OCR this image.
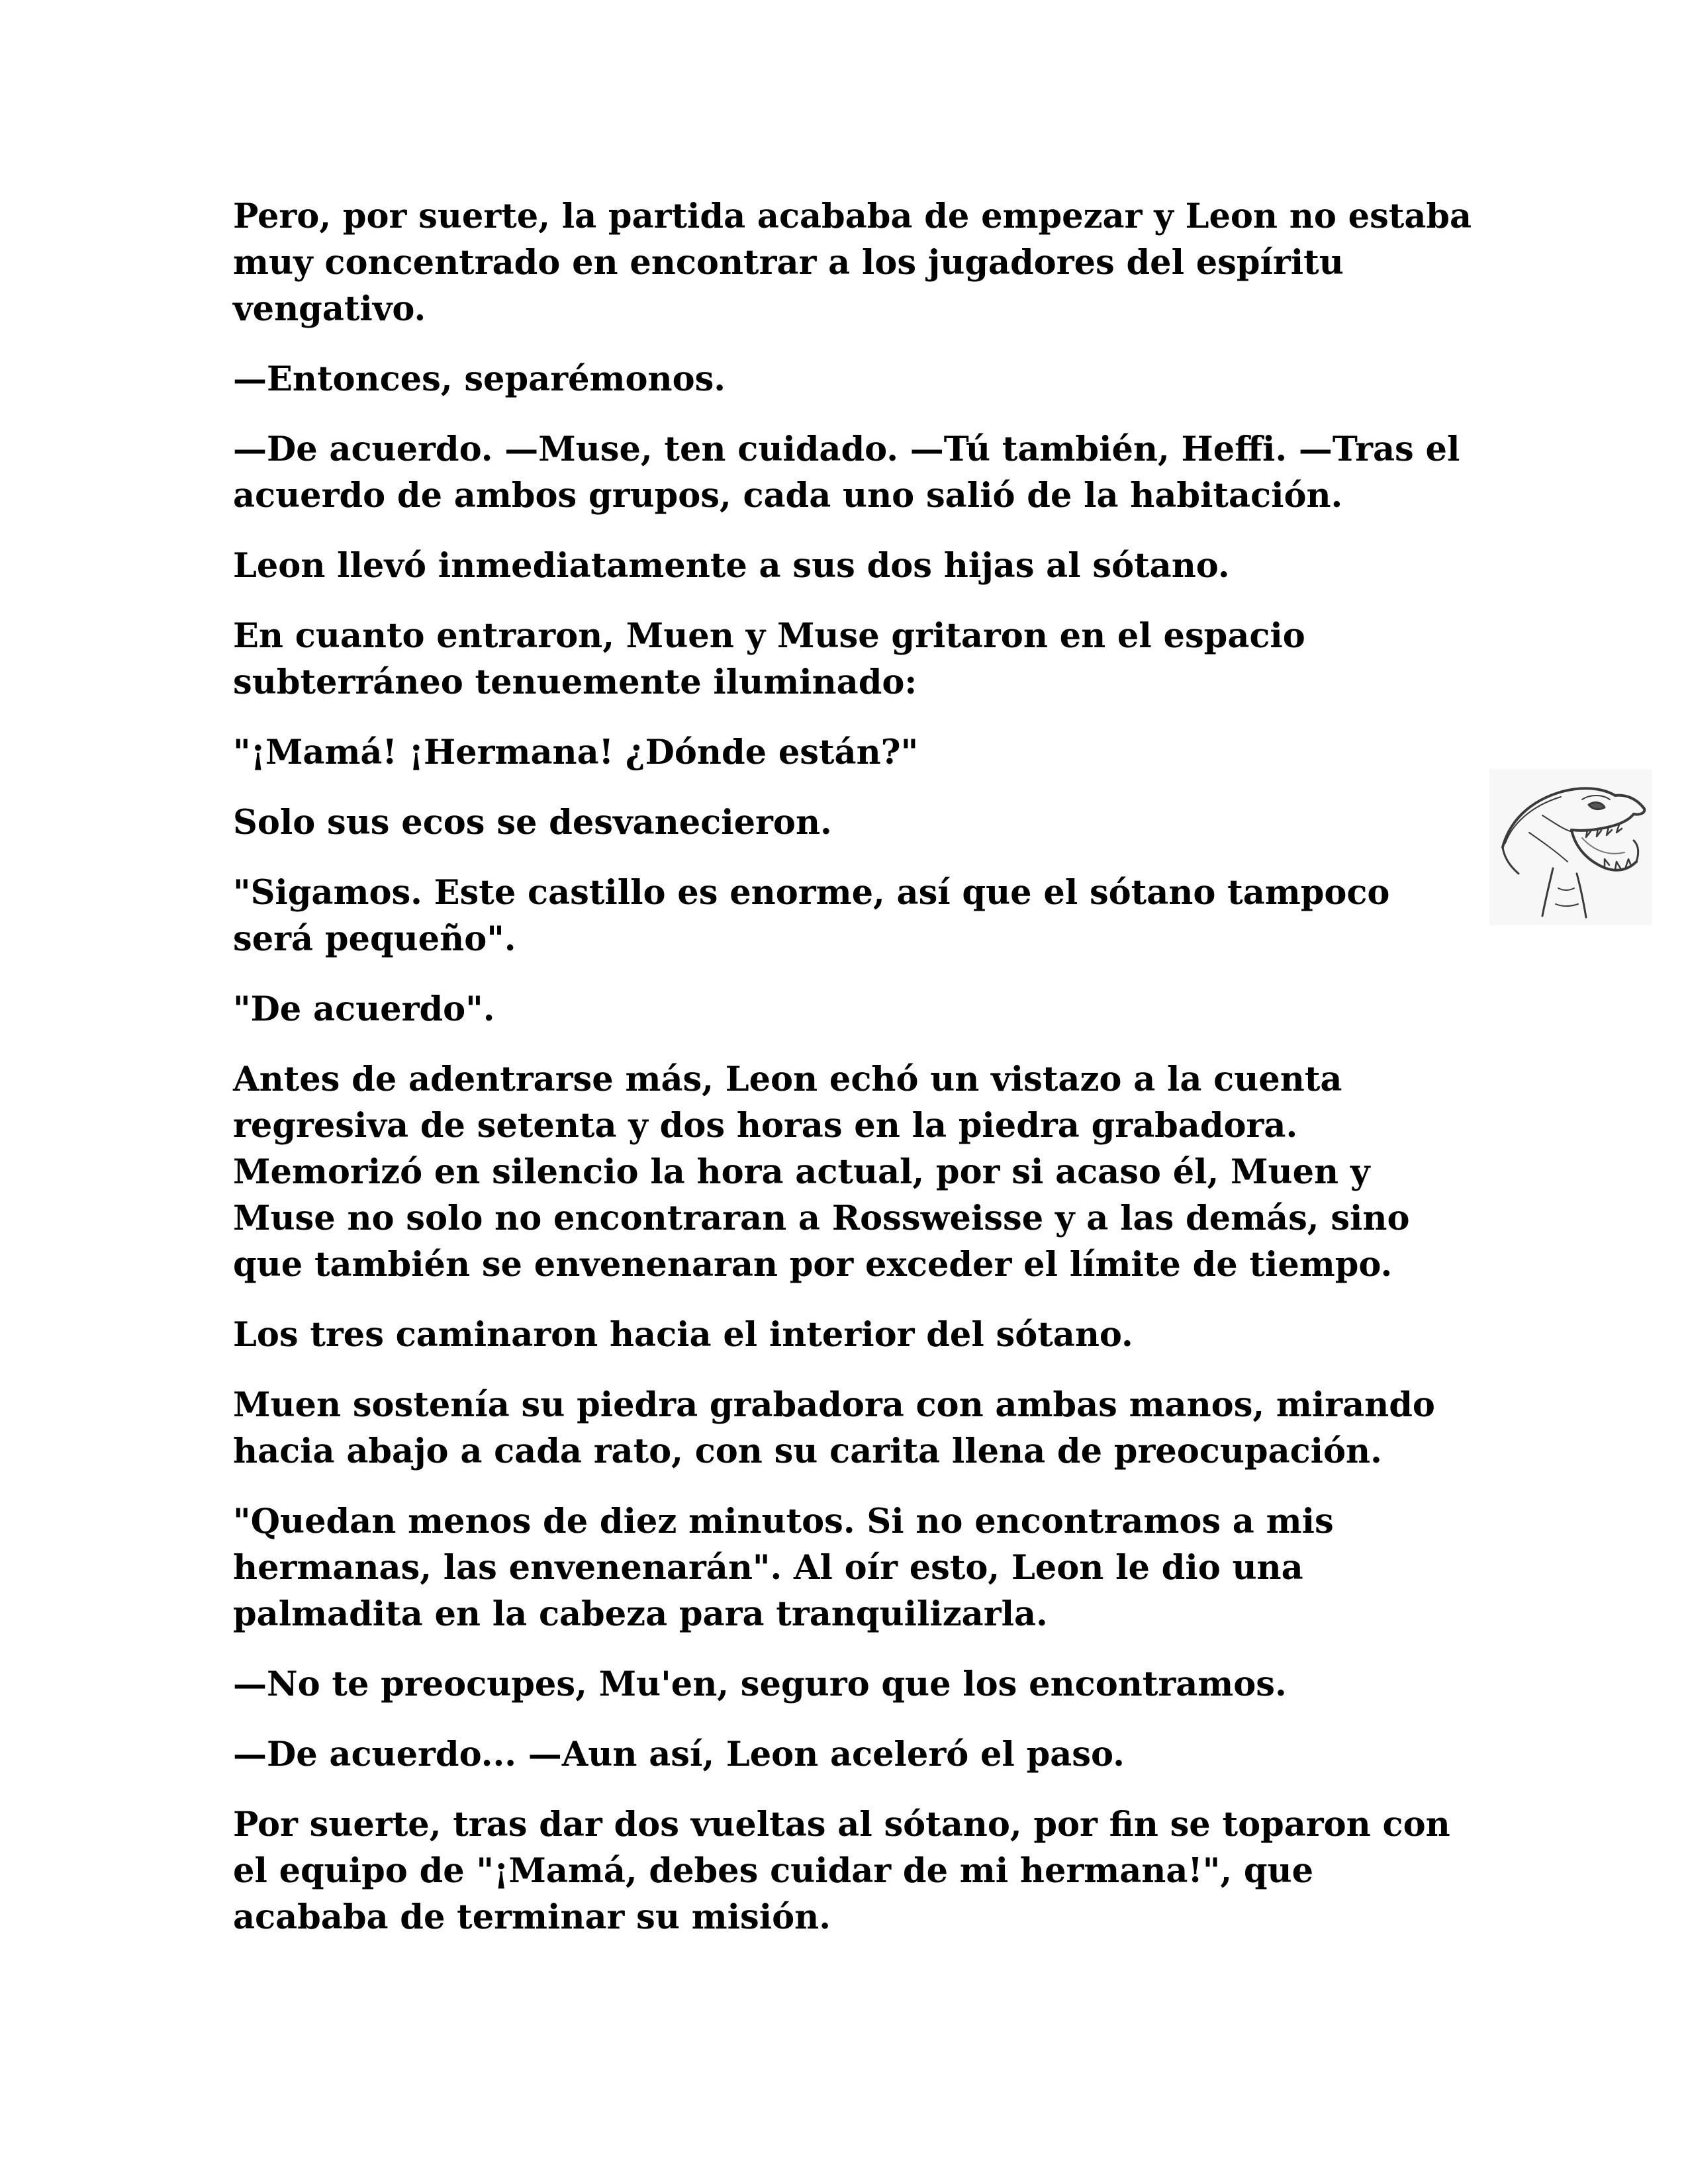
Pero, por suerte, la partida acababa de empezar y Leon no estaba muy concentrado en encontrar a los jugadores del espíritu vengativo.

—Entonces, separémonos.

—De acuerdo. —Muse, ten cuidado. —Tú también, Heffi. —Tras el acuerdo de ambos grupos, cada uno salió de la habitación.

Leon llevó inmediatamente a sus dos hijas al sótano.

En cuanto entraron, Muen y Muse gritaron en el espacio subterráneo tenuemente iluminado:

"¡Mamá! ¡Hermana! ¿Dónde están?"

Solo sus ecos se desvanecieron.

"Sigamos. Este castillo es enorme, así que el sótano tampoco será pequeño".

"De acuerdo".

Antes de adentrarse más, Leon echó un vistazo a la cuenta regresiva de setenta y dos horas en la piedra grabadora. Memorizó en silencio la hora actual, por si acaso él, Muen y Muse no solo no encontraran a Rossweisse y a las demás, sino que también se envenenaran por exceder el límite de tiempo.

Los tres caminaron hacia el interior del sótano.

Muen sostenía su piedra grabadora con ambas manos, mirando hacia abajo a cada rato, con su carita llena de preocupación.

"Quedan menos de diez minutos. Si no encontramos a mis hermanas, las envenenarán". Al oír esto, Leon le dio una palmadita en la cabeza para tranquilizarla.

—No te preocupes, Mu'en, seguro que los encontramos.

—De acuerdo... —Aun así, Leon aceleró el paso.

Por suerte, tras dar dos vueltas al sótano, por fin se toparon con el equipo de "¡Mamá, debes cuidar de mi hermana!", que acababa de terminar su misión.
